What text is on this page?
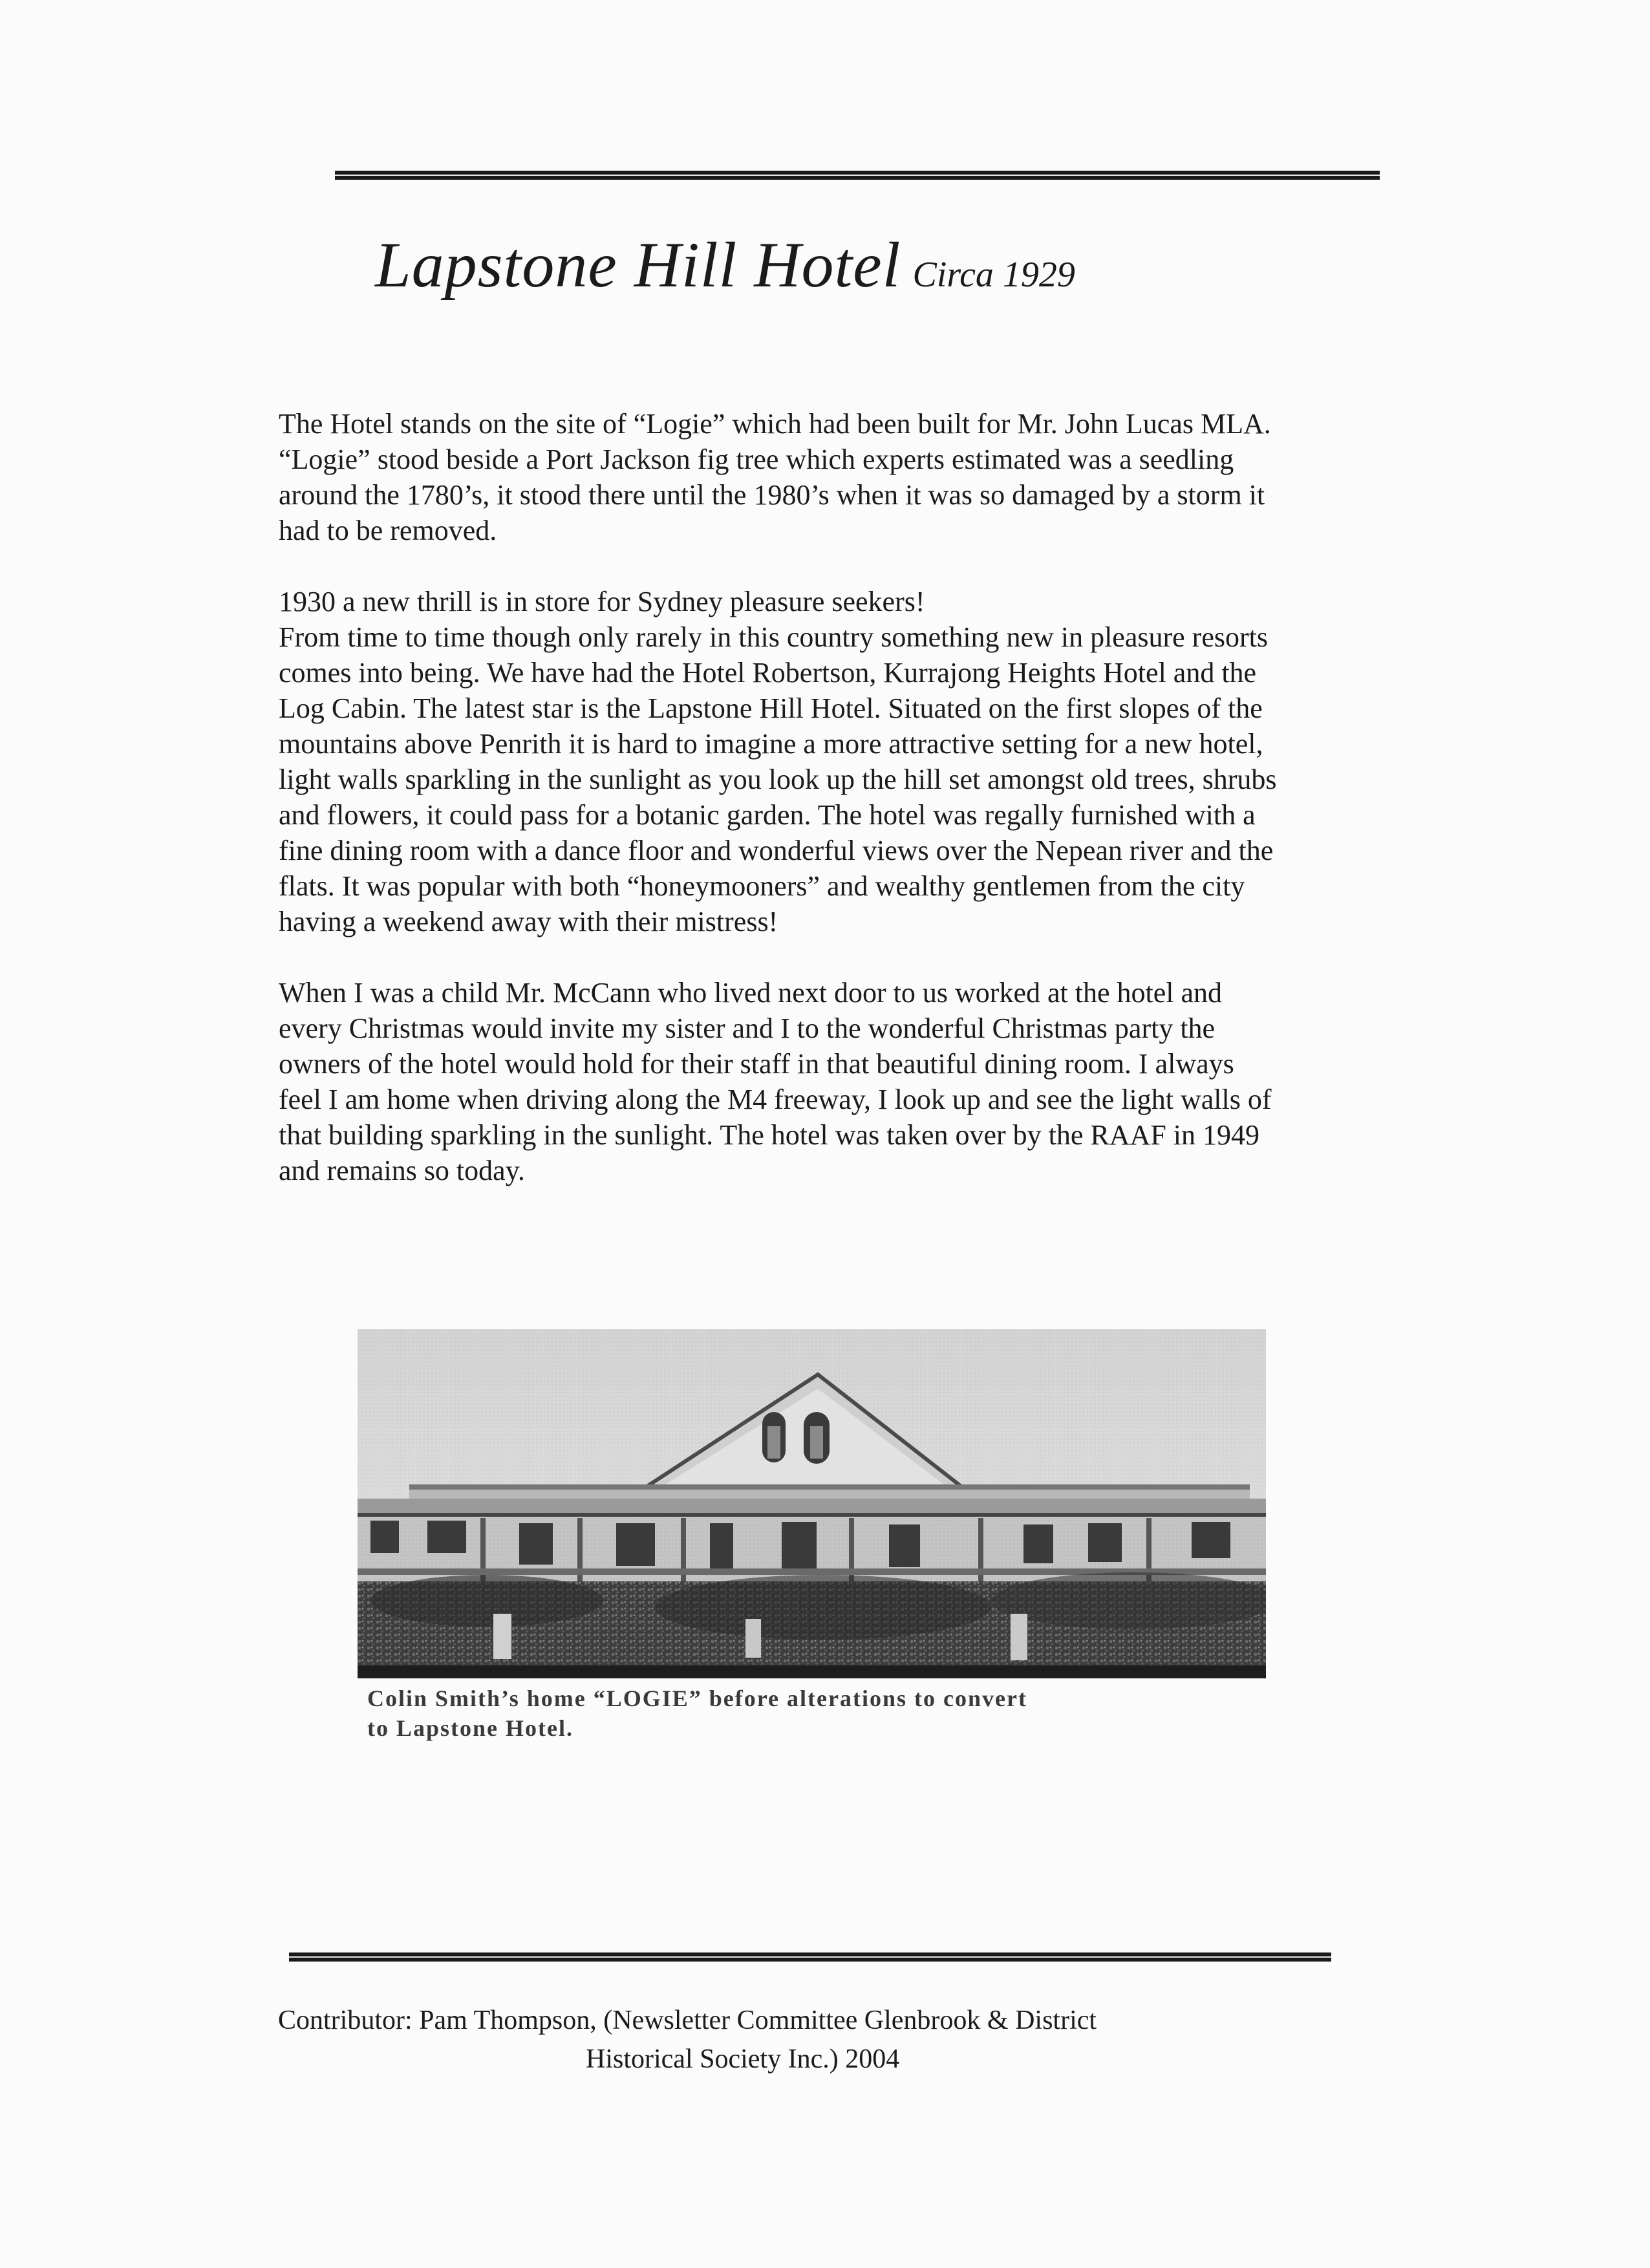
Lapstone Hill Hotel Circa 1929

The Hotel stands on the site of “Logie” which had been built for Mr. John Lucas MLA.
“Logie” stood beside a Port Jackson fig tree which experts estimated was a seedling
around the 1780’s, it stood there until the 1980’s when it was so damaged by a storm it
had to be removed.

1930 a new thrill is in store for Sydney pleasure seekers!
From time to time though only rarely in this country something new in pleasure resorts
comes into being. We have had the Hotel Robertson, Kurrajong Heights Hotel and the
Log Cabin. The latest star is the Lapstone Hill Hotel. Situated on the first slopes of the
mountains above Penrith it is hard to imagine a more attractive setting for a new hotel,
light walls sparkling in the sunlight as you look up the hill set amongst old trees, shrubs
and flowers, it could pass for a botanic garden. The hotel was regally furnished with a
fine dining room with a dance floor and wonderful views over the Nepean river and the
flats. It was popular with both “honeymooners” and wealthy gentlemen from the city
having a weekend away with their mistress!

When I was a child Mr. McCann who lived next door to us worked at the hotel and
every Christmas would invite my sister and I to the wonderful Christmas party the
owners of the hotel would hold for their staff in that beautiful dining room. I always
feel I am home when driving along the M4 freeway, I look up and see the light walls of
that building sparkling in the sunlight. The hotel was taken over by the RAAF in 1949
and remains so today.

Colin Smith’s home “LOGIE” before alterations to convert
to Lapstone Hotel.
Contributor: Pam Thompson, (Newsletter Committee Glenbrook & District
Historical Society Inc.) 2004
